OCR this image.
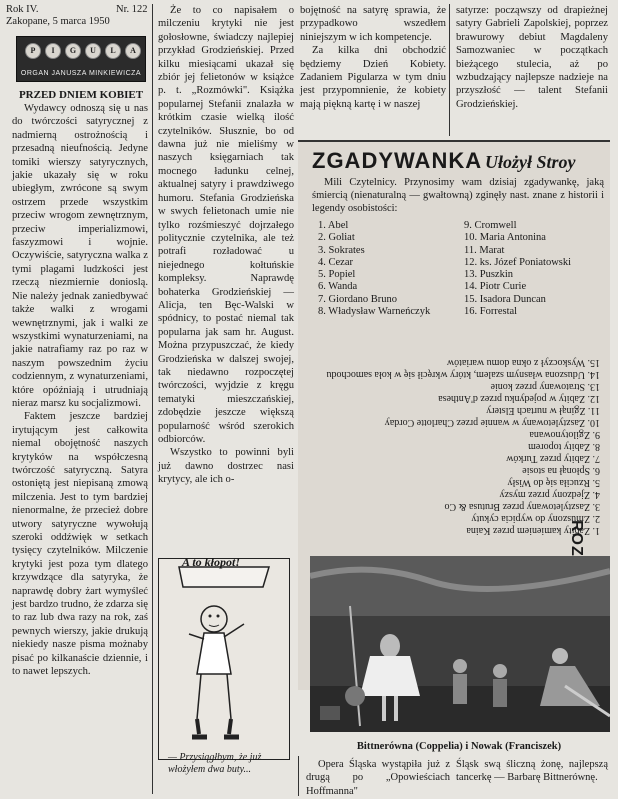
Rok IV.	Nr. 122
Zakopane, 5 marca 1950
P	I	G	U	L	A
ORGAN JANUSZA MINKIEWICZA
PRZED DNIEM KOBIET

Wydawcy odnoszą się u nas do twórczości satyrycznej z nadmierną ostrożnością i przesadną nieufnością. Jedyne tomiki wierszy satyrycznych, jakie ukazały się w roku ubiegłym, zwrócone są swym ostrzem przede wszystkim przeciw wrogom zewnętrznym, przeciw imperializmowi, faszyzmowi i wojnie. Oczywiście, satyryczna walka z tymi plagami ludzkości jest rzeczą niezmiernie donioslą. Nie należy jednak zaniedbywać także walki z wrogami wewnętrznymi, jak i walki ze wszystkimi wynaturzeniami, na jakie natrafiamy raz po raz w naszym powszednim życiu codziennym, z wynaturzeniami, które opóźniają i utrudniają nieraz marsz ku socjalizmowi.

Faktem jeszcze bardziej irytującym jest całkowita niemal obojętność naszych krytyków na współczesną twórczość satyryczną. Satyra ostoniętą jest niepisaną zmową milczenia. Jest to tym bardziej nienormalne, że przecież dobre utwory satyryczne wywołują szeroki oddźwięk w setkach tysięcy czytelników. Milczenie krytyki jest poza tym dlatego krzywdzące dla satyryka, że naprawdę dobry żart wymyśleć jest bardzo trudno, że zdarza się to raz lub dwa razy na rok, zaś pewnych wierszy, jakie drukują niekiedy nasze pisma możnaby pisać po kilkanaście dziennie, i to nawet lepszych.

Że to co napisałem o milczeniu krytyki nie jest gołosłowne, świadczy najlepiej przykład Grodzieńskiej. Przed kilku miesiącami ukazał się zbiór jej felietonów w książce p. t. „Rozmówki". Książka popularnej Stefanii znalazła w krótkim czasie wielką ilość czytelników. Słusznie, bo od dawna już nie mieliśmy w naszych księgarniach tak mocnego ładunku celnej, aktualnej satyry i prawdziwego humoru. Stefania Grodzieńska w swych felietonach umie nie tylko rozśmieszyć dojrzałego politycznie czytelnika, ale też potrafi rozładować u niejednego kołtuńskie kompleksy. Naprawdę bohaterka Grodzieńskiej — Alicja, ten Bęc-Walski w spódnicy, to postać niemal tak popularna jak sam hr. August. Można przypuszczać, że kiedy Grodzieńska w dalszej swojej, tak niedawno rozpoczętej twórczości, wyjdzie z kręgu tematyki mieszczańskiej, zdobędzie jeszcze większą popularność wśród szerokich odbiorców.

Wszystko to powinni byli już dawno dostrzec nasi krytycy, ale ich o-

bojętność na satyrę sprawia, że przypadkowo wszedłem niniejszym w ich kompetencje.

Za kilka dni obchodzić będziemy Dzień Kobiety. Zadaniem Pigularza w tym dniu jest przypomnienie, że kobiety mają piękną kartę i w naszej

satyrze: począwszy od drapieżnej satyry Gabrieli Zapolskiej, poprzez brawurowy debiut Magdaleny Samozwaniec w początkach bieżącego stulecia, aż po wzbudzający najlepsze nadzieje na przyszłość — talent Stefanii Grodzieńskiej.

ZGADYWANKA Ułożył Stroy

Mili Czytelnicy. Przynosimy wam dzisiaj zgadywankę, jaką śmiercią (nienaturalną — gwałtowną) zginęły nast. znane z historii i legendy osobistości:

1. Abel
2. Goliat
3. Sokrates
4. Cezar
5. Popiel
6. Wanda
7. Giordano Bruno
8. Władysław Warneńczyk
9. Cromwell
10. Maria Antonina
11. Marat
12. ks. Józef Poniatowski
13. Puszkin
14. Piotr Curie
15. Isadora Duncan
16. Forrestal
1. Zabity kamieniem przez Kaina
2. Zmuszony do wypicia cykuty
3. Zasztyletowany przez Brutusa & Co
4. Zjedzony przez myszy
5. Rzuciła się do Wisły
6. Spłonął na stosie
7. Zabity przez Turków
8. Zabity toporem
9. Zgilotynowana
10. Zasztyletowany w wannie przez Charlotte Corday
11. Zginął w nurtach Elstery
12. Zabity w pojedynku przez d'Anthesa
13. Stratowany przez konie
14. Uduszona własnym szalem, który wkręcił się w koła samochodu
15. Wyskoczył z okna domu wariatów
Bittnerówna (Coppelia) i Nowak (Franciszek)
A to kłopot!
— Przysiągłbym, że już włożyłem dwa buty...	Opera Śląska wystąpiła już z drugą po „Opowieściach Hoffmanna"

Śląsk swą śliczną żonę, najlepszą tancerkę — Barbarę Bittnerównę.
